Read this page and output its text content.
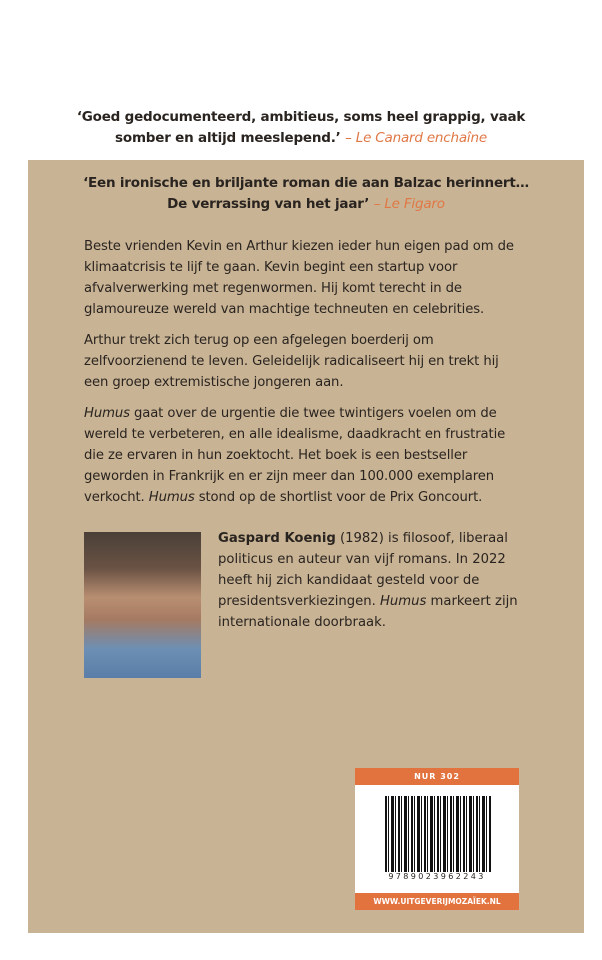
‘Goed gedocumenteerd, ambitieus, soms heel grappig, vaak
somber en altijd meeslepend.’ – Le Canard enchaîne
‘Een ironische en briljante roman die aan Balzac herinnert…
De verrassing van het jaar’ – Le Figaro

Beste vrienden Kevin en Arthur kiezen ieder hun eigen pad om de klimaatcrisis te lijf te gaan. Kevin begint een startup voor afvalverwerking met regenwormen. Hij komt terecht in de glamoureuze wereld van machtige techneuten en celebrities.

Arthur trekt zich terug op een afgelegen boerderij om zelfvoorzienend te leven. Geleidelijk radicaliseert hij en trekt hij een groep extremistische jongeren aan.

Humus gaat over de urgentie die twee twintigers voelen om de wereld te verbeteren, en alle idealisme, daadkracht en frustratie die ze ervaren in hun zoektocht. Het boek is een bestseller geworden in Frankrijk en er zijn meer dan 100.000 exemplaren verkocht. Humus stond op de shortlist voor de Prix Goncourt.

Gaspard Koenig (1982) is filosoof, liberaal politicus en auteur van vijf romans. In 2022 heeft hij zich kandidaat gesteld voor de presidentsverkiezingen. Humus markeert zijn internationale doorbraak.
NUR 302
9789023962243
WWW.UITGEVERIJMOZAÏEK.NL
